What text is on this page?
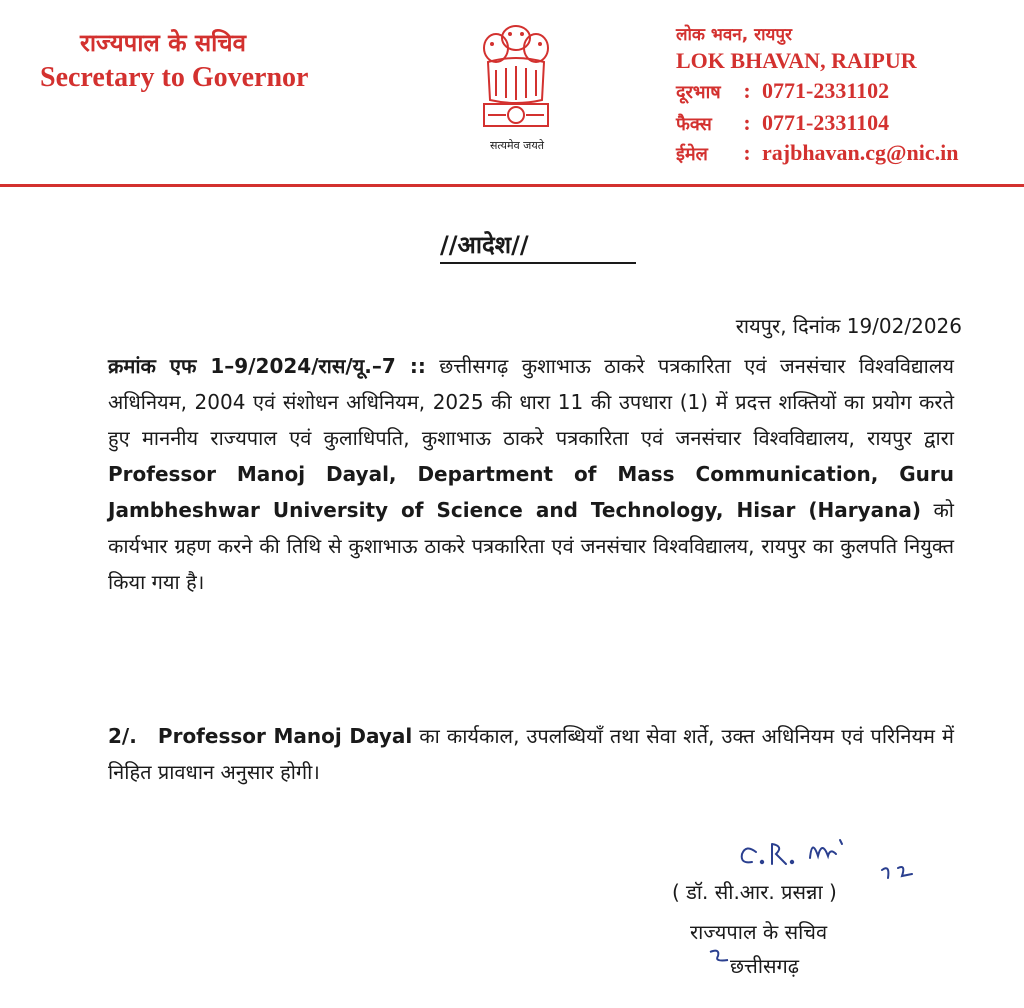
राज्यपाल के सचिव
Secretary to Governor
सत्यमेव जयते
लोक भवन, रायपुर
LOK BHAVAN, RAIPUR
दूरभाष : 0771-2331102
फैक्स : 0771-2331104
ईमेल : rajbhavan.cg@nic.in
//आदेश//
रायपुर, दिनांक 19/02/2026
क्रमांक एफ 1–9/2024/रास/यू.–7 :: छत्तीसगढ़ कुशाभाऊ ठाकरे पत्रकारिता एवं जनसंचार विश्वविद्यालय अधिनियम, 2004 एवं संशोधन अधिनियम, 2025 की धारा 11 की उपधारा (1) में प्रदत्त शक्तियों का प्रयोग करते हुए माननीय राज्यपाल एवं कुलाधिपति, कुशाभाऊ ठाकरे पत्रकारिता एवं जनसंचार विश्वविद्यालय, रायपुर द्वारा Professor Manoj Dayal, Department of Mass Communication, Guru Jambheshwar University of Science and Technology, Hisar (Haryana) को कार्यभार ग्रहण करने की तिथि से कुशाभाऊ ठाकरे पत्रकारिता एवं जनसंचार विश्वविद्यालय, रायपुर का कुलपति नियुक्त किया गया है।
2/. Professor Manoj Dayal का कार्यकाल, उपलब्धियॉं तथा सेवा शर्ते, उक्त अधिनियम एवं परिनियम में निहित प्रावधान अनुसार होगी।
( डॉ. सी.आर. प्रसन्ना )
राज्यपाल के सचिव
छत्तीसगढ़
